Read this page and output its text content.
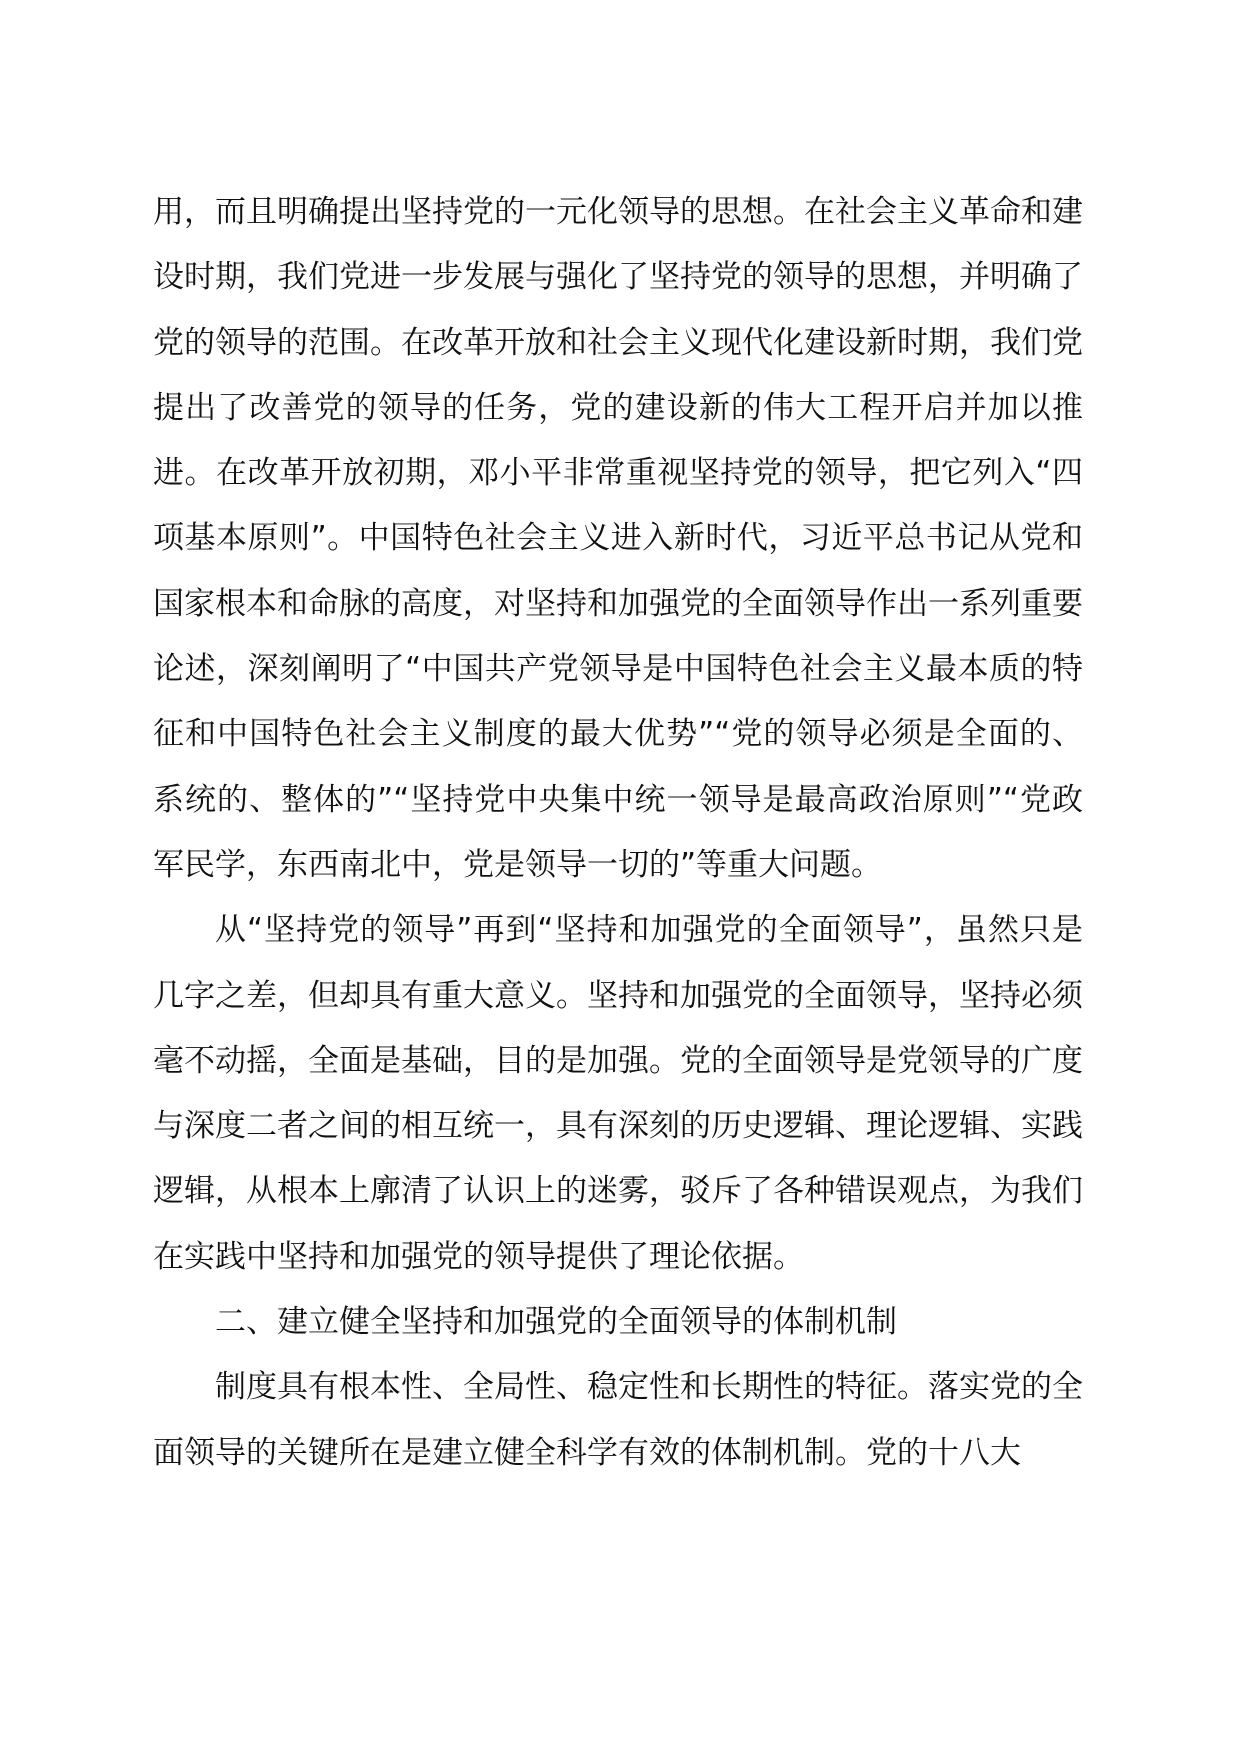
用，而且明确提出坚持党的一元化领导的思想。在社会主义革命和建设时期，我们党进一步发展与强化了坚持党的领导的思想，并明确了党的领导的范围。在改革开放和社会主义现代化建设新时期，我们党提出了改善党的领导的任务，党的建设新的伟大工程开启并加以推进。在改革开放初期，邓小平非常重视坚持党的领导，把它列入“四项基本原则”。中国特色社会主义进入新时代，习近平总书记从党和国家根本和命脉的高度，对坚持和加强党的全面领导作出一系列重要论述，深刻阐明了“中国共产党领导是中国特色社会主义最本质的特征和中国特色社会主义制度的最大优势”“党的领导必须是全面的、系统的、整体的”“坚持党中央集中统一领导是最高政治原则”“党政军民学，东西南北中，党是领导一切的”等重大问题。

从“坚持党的领导”再到“坚持和加强党的全面领导”，虽然只是几字之差，但却具有重大意义。坚持和加强党的全面领导，坚持必须毫不动摇，全面是基础，目的是加强。党的全面领导是党领导的广度与深度二者之间的相互统一，具有深刻的历史逻辑、理论逻辑、实践逻辑，从根本上廓清了认识上的迷雾，驳斥了各种错误观点，为我们在实践中坚持和加强党的领导提供了理论依据。

二、建立健全坚持和加强党的全面领导的体制机制

制度具有根本性、全局性、稳定性和长期性的特征。落实党的全面领导的关键所在是建立健全科学有效的体制机制。党的十八大
